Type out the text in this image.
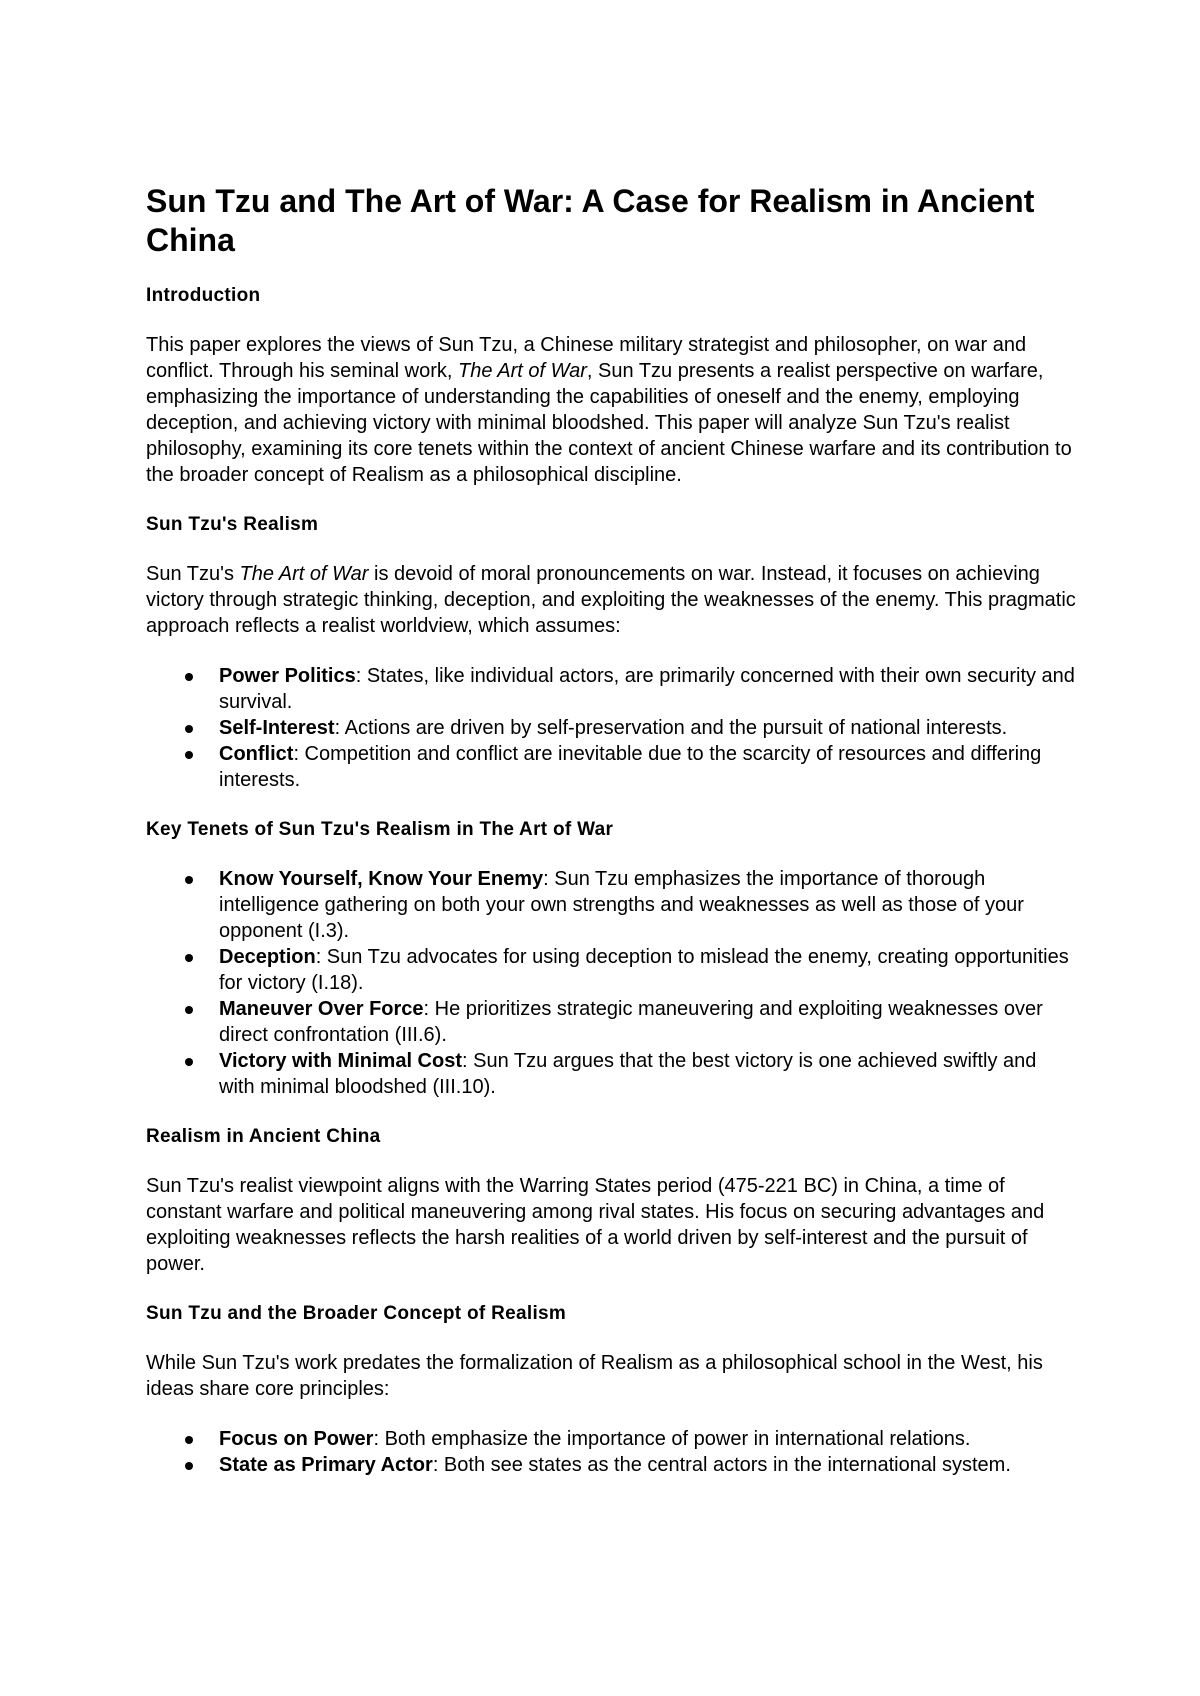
Sun Tzu and The Art of War: A Case for Realism in Ancient China
Introduction

This paper explores the views of Sun Tzu, a Chinese military strategist and philosopher, on war and conflict. Through his seminal work, The Art of War, Sun Tzu presents a realist perspective on warfare, emphasizing the importance of understanding the capabilities of oneself and the enemy, employing deception, and achieving victory with minimal bloodshed. This paper will analyze Sun Tzu's realist philosophy, examining its core tenets within the context of ancient Chinese warfare and its contribution to the broader concept of Realism as a philosophical discipline.

Sun Tzu's Realism

Sun Tzu's The Art of War is devoid of moral pronouncements on war. Instead, it focuses on achieving victory through strategic thinking, deception, and exploiting the weaknesses of the enemy. This pragmatic approach reflects a realist worldview, which assumes:

Power Politics: States, like individual actors, are primarily concerned with their own security and survival.
Self-Interest: Actions are driven by self-preservation and the pursuit of national interests.
Conflict: Competition and conflict are inevitable due to the scarcity of resources and differing interests.
Key Tenets of Sun Tzu's Realism in The Art of War
Know Yourself, Know Your Enemy: Sun Tzu emphasizes the importance of thorough intelligence gathering on both your own strengths and weaknesses as well as those of your opponent (I.3).
Deception: Sun Tzu advocates for using deception to mislead the enemy, creating opportunities for victory (I.18).
Maneuver Over Force: He prioritizes strategic maneuvering and exploiting weaknesses over direct confrontation (III.6).
Victory with Minimal Cost: Sun Tzu argues that the best victory is one achieved swiftly and with minimal bloodshed (III.10).
Realism in Ancient China

Sun Tzu's realist viewpoint aligns with the Warring States period (475-221 BC) in China, a time of constant warfare and political maneuvering among rival states. His focus on securing advantages and exploiting weaknesses reflects the harsh realities of a world driven by self-interest and the pursuit of power.

Sun Tzu and the Broader Concept of Realism

While Sun Tzu's work predates the formalization of Realism as a philosophical school in the West, his ideas share core principles:

Focus on Power: Both emphasize the importance of power in international relations.
State as Primary Actor: Both see states as the central actors in the international system.
